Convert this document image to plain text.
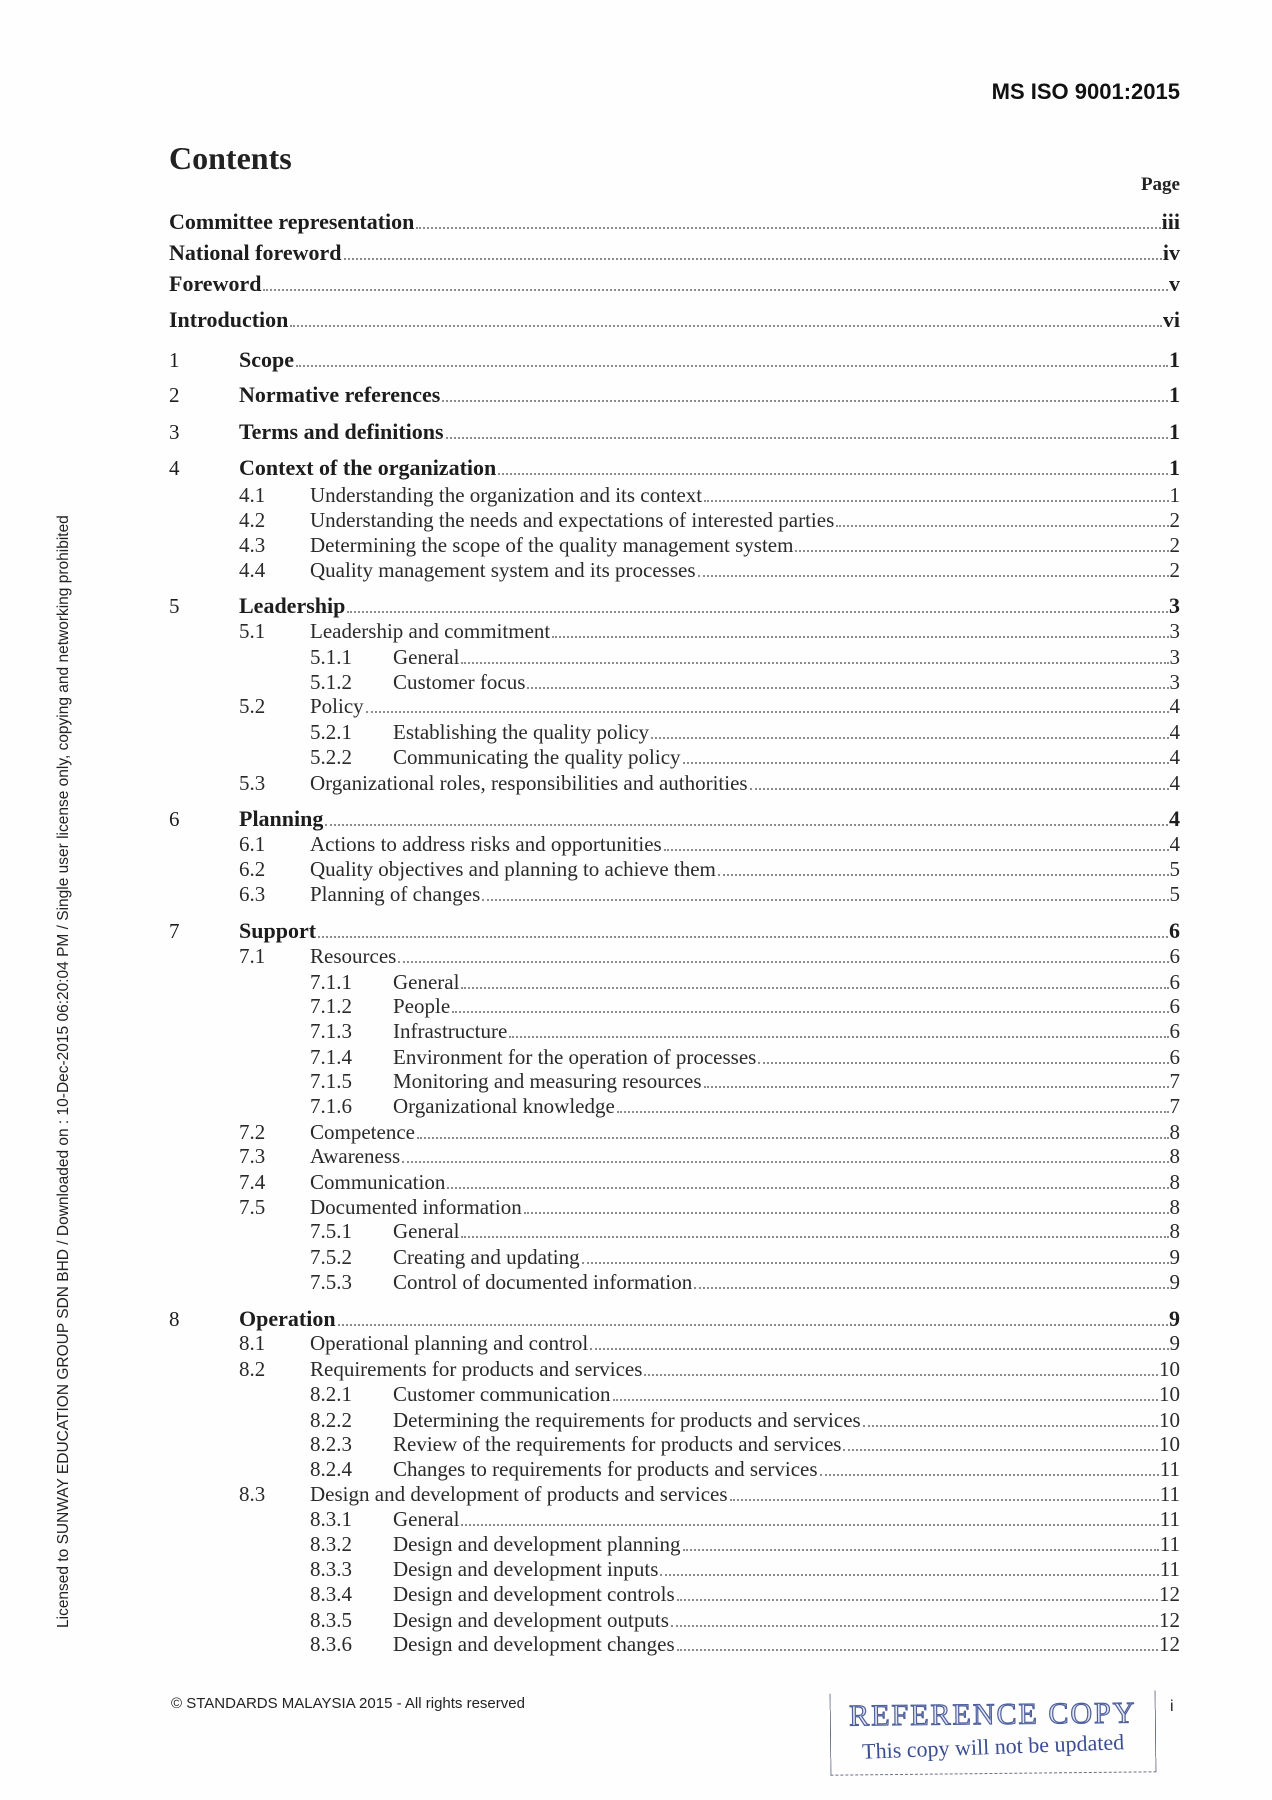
Licensed to SUNWAY EDUCATION GROUP SDN BHD / Downloaded on : 10-Dec-2015 06:20:04 PM / Single user license only, copying and networking prohibited
MS ISO 9001:2015
Contents
Page
Committee representation	iii
National foreword	iv
Foreword	v
Introduction	vi
1	Scope	1
2	Normative references	1
3	Terms and definitions	1
4	Context of the organization	1
4.1 Understanding the organization and its context	1
4.2 Understanding the needs and expectations of interested parties	2
4.3 Determining the scope of the quality management system	2
4.4 Quality management system and its processes	2
5	Leadership	3
5.1 Leadership and commitment	3
5.1.1 General	3
5.1.2 Customer focus	3
5.2 Policy	4
5.2.1 Establishing the quality policy	4
5.2.2 Communicating the quality policy	4
5.3 Organizational roles, responsibilities and authorities	4
6	Planning	4
6.1 Actions to address risks and opportunities	4
6.2 Quality objectives and planning to achieve them	5
6.3 Planning of changes	5
7	Support	6
7.1 Resources	6
7.1.1 General	6
7.1.2 People	6
7.1.3 Infrastructure	6
7.1.4 Environment for the operation of processes	6
7.1.5 Monitoring and measuring resources	7
7.1.6 Organizational knowledge	7
7.2 Competence	8
7.3 Awareness	8
7.4 Communication	8
7.5 Documented information	8
7.5.1 General	8
7.5.2 Creating and updating	9
7.5.3 Control of documented information	9
8	Operation	9
8.1 Operational planning and control	9
8.2 Requirements for products and services	10
8.2.1 Customer communication	10
8.2.2 Determining the requirements for products and services	10
8.2.3 Review of the requirements for products and services	10
8.2.4 Changes to requirements for products and services	11
8.3 Design and development of products and services	11
8.3.1 General	11
8.3.2 Design and development planning	11
8.3.3 Design and development inputs	11
8.3.4 Design and development controls	12
8.3.5 Design and development outputs	12
8.3.6 Design and development changes	12
© STANDARDS MALAYSIA 2015 - All rights reserved	i
REFERENCE COPY
This copy will not be updated
